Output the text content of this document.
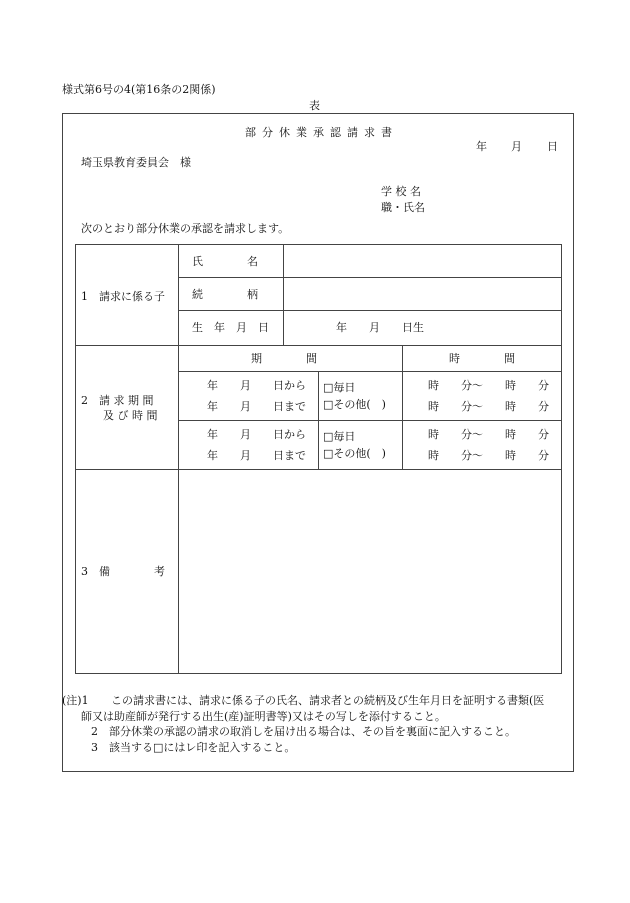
様式第6号の4(第16条の2関係)
表
部分休業承認請求書
年 月 日
埼玉県教育委員会　様
学 校 名
職・氏名
次のとおり部分休業の承認を請求します。
1　請求に係る子
氏　　　　名
続　　　　柄
生　年　月　日	年　　月　　日生
2　請 求 期 間
及 び 時 間
期　　　　間	時　　　　間
年　　月　　日から
年　　月　　日まで
□毎日
□その他(　)
時　　分～　　時　　分
時　　分～　　時　　分
年　　月　　日から
年　　月　　日まで
□毎日
□その他(　)
時　　分～　　時　　分
時　　分～　　時　　分
3　備　　　　考
(注)1 この請求書には、請求に係る子の氏名、請求者との続柄及び生年月日を証明する書類(医
師又は助産師が発行する出生(産)証明書等)又はその写しを添付すること。
2　部分休業の承認の請求の取消しを届け出る場合は、その旨を裏面に記入すること。
3　該当する□にはレ印を記入すること。
